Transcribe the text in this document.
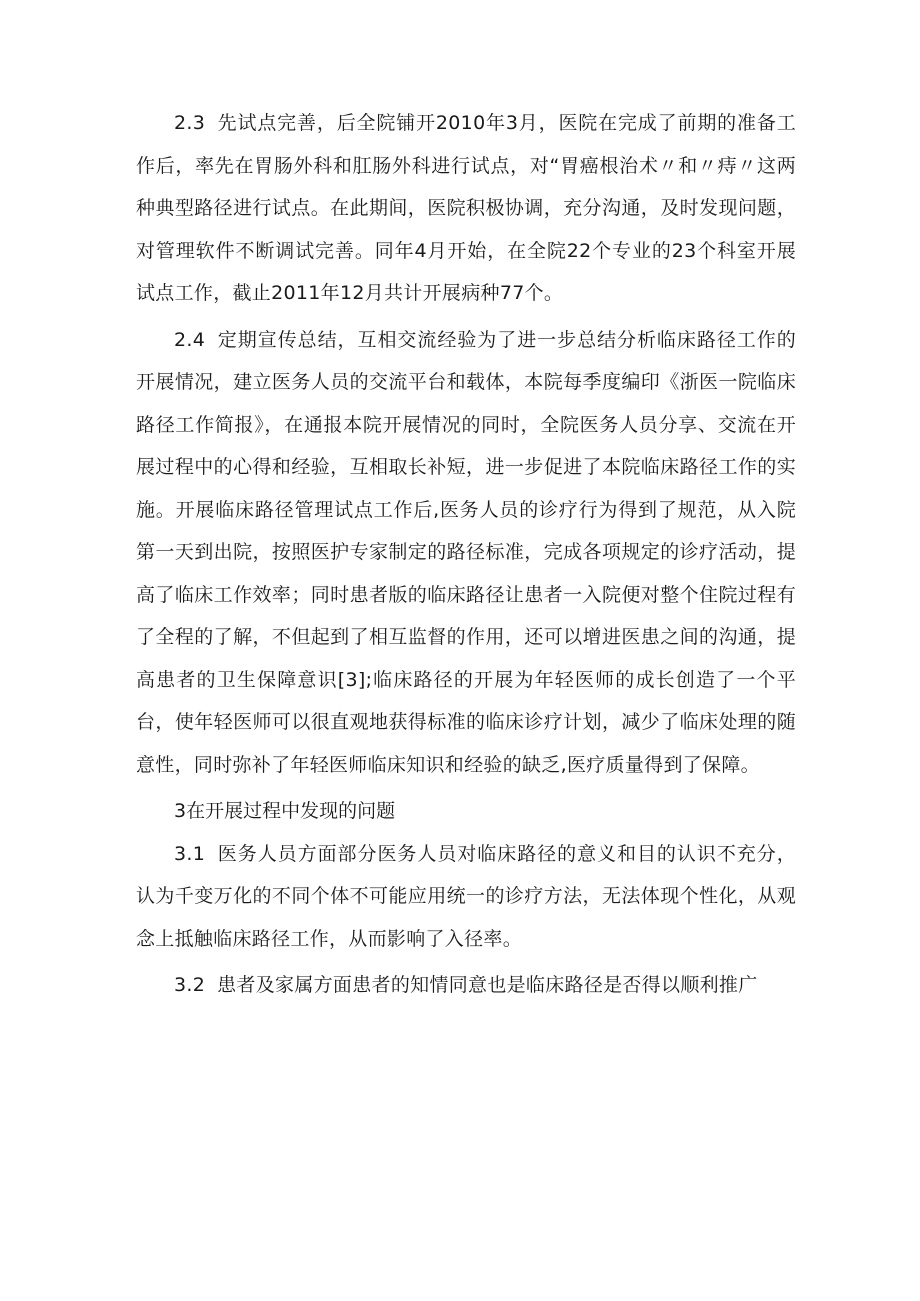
2.3 先试点完善，后全院铺开2010年3月，医院在完成了前期的准备工作后，率先在胃肠外科和肛肠外科进行试点，对“胃癌根治术〃和〃痔〃这两种典型路径进行试点。在此期间，医院积极协调，充分沟通，及时发现问题，对管理软件不断调试完善。同年4月开始，在全院22个专业的23个科室开展试点工作，截止2011年12月共计开展病种77个。

2.4 定期宣传总结，互相交流经验为了进一步总结分析临床路径工作的开展情况，建立医务人员的交流平台和载体，本院每季度编印《浙医一院临床路径工作简报》，在通报本院开展情况的同时，全院医务人员分享、交流在开展过程中的心得和经验，互相取长补短，进一步促进了本院临床路径工作的实施。开展临床路径管理试点工作后,医务人员的诊疗行为得到了规范，从入院第一天到出院，按照医护专家制定的路径标准，完成各项规定的诊疗活动，提高了临床工作效率；同时患者版的临床路径让患者一入院便对整个住院过程有了全程的了解，不但起到了相互监督的作用，还可以增进医患之间的沟通，提高患者的卫生保障意识[3];临床路径的开展为年轻医师的成长创造了一个平台，使年轻医师可以很直观地获得标准的临床诊疗计划，减少了临床处理的随意性，同时弥补了年轻医师临床知识和经验的缺乏,医疗质量得到了保障。

3在开展过程中发现的问题

3.1 医务人员方面部分医务人员对临床路径的意义和目的认识不充分，认为千变万化的不同个体不可能应用统一的诊疗方法，无法体现个性化，从观念上抵触临床路径工作，从而影响了入径率。

3.2 患者及家属方面患者的知情同意也是临床路径是否得以顺利推广
